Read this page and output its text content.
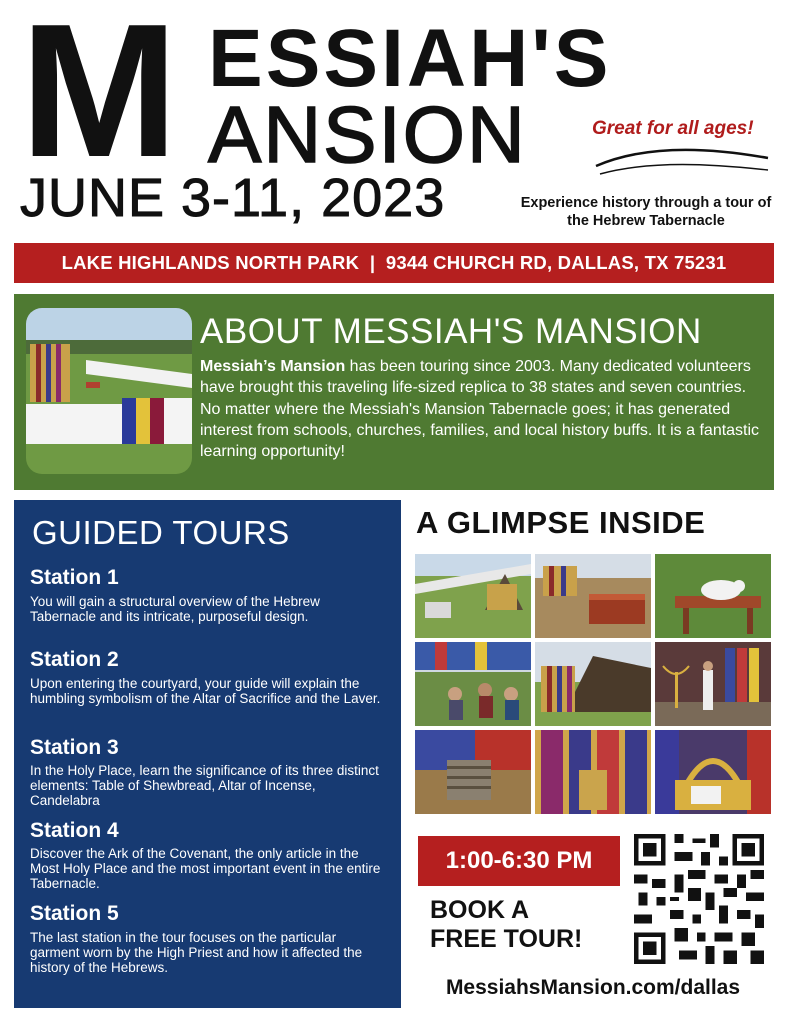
M ESSIAH'S
ANSION	Great for all ages!
JUNE 3-11, 2023	Experience history through a tour of the Hebrew Tabernacle
LAKE HIGHLANDS NORTH PARK  |  9344 CHURCH RD, DALLAS, TX 75231
ABOUT MESSIAH'S MANSION
Messiah’s Mansion has been touring since 2003. Many dedicated volunteers have brought this traveling life-sized replica to 38 states and seven countries. No matter where the Messiah's Mansion Tabernacle goes; it has generated interest from schools, churches, families, and local history buffs. It is a fantastic learning opportunity!
GUIDED TOURS
Station 1
You will gain a structural overview of the Hebrew Tabernacle and its intricate, purposeful design.
Station 2
Upon entering the courtyard, your guide will explain the humbling symbolism of the Altar of Sacrifice and the Laver.
Station 3
In the Holy Place, learn the significance of its three distinct elements: Table of Shewbread, Altar of Incense, Candelabra
Station 4
Discover the Ark of the Covenant, the only article in the Most Holy Place and the most important event in the entire Tabernacle.
Station 5
The last station in the tour focuses on the particular garment worn by the High Priest and how it affected the history of the Hebrews.
A GLIMPSE INSIDE
1:00-6:30 PM
BOOK A
FREE TOUR!
MessiahsMansion.com/dallas
